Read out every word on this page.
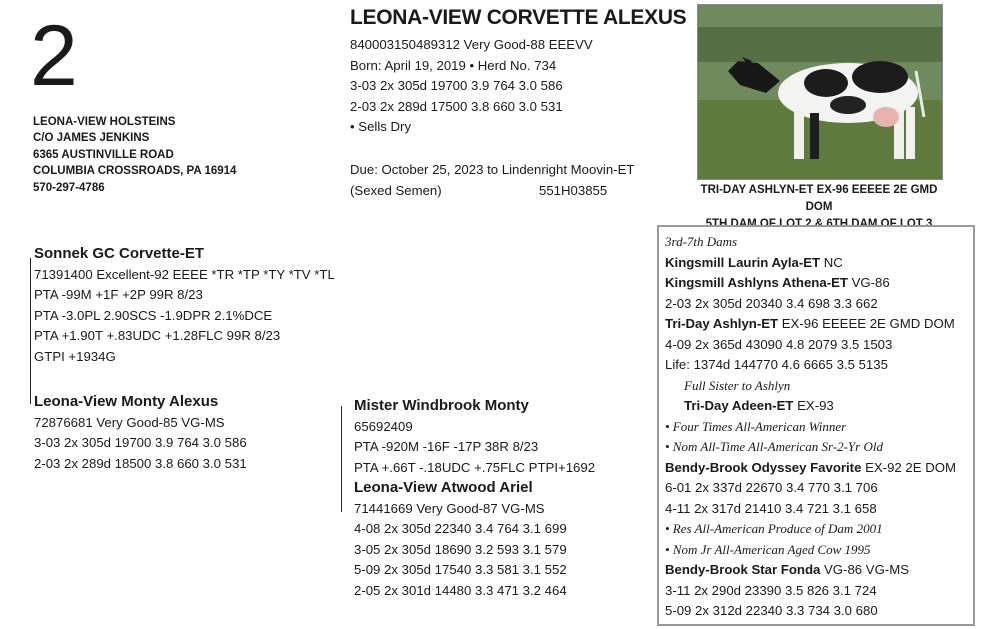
2
LEONA-VIEW HOLSTEINS
C/O JAMES JENKINS
6365 AUSTINVILLE ROAD
COLUMBIA CROSSROADS, PA 16914
570-297-4786
LEONA-VIEW CORVETTE ALEXUS
840003150489312 Very Good-88 EEEVV
Born: April 19, 2019 • Herd No. 734
3-03 2x 305d 19700 3.9 764 3.0 586
2-03 2x 289d 17500 3.8 660 3.0 531
• Sells Dry
Due: October 25, 2023 to Lindenright Moovin-ET
(Sexed Semen)	551H03855	TRI-DAY ASHLYN-ET EX-96 EEEEE 2E GMD DOM
5TH DAM OF LOT 2 & 6TH DAM OF LOT 3
Sonnek GC Corvette-ET
71391400 Excellent-92 EEEE *TR *TP *TY *TV *TL
PTA -99M +1F +2P 99R 8/23
PTA -3.0PL 2.90SCS -1.9DPR 2.1%DCE
PTA +1.90T +.83UDC +1.28FLC 99R 8/23
GTPI +1934G
Leona-View Monty Alexus
72876681 Very Good-85 VG-MS
3-03 2x 305d 19700 3.9 764 3.0 586
2-03 2x 289d 18500 3.8 660 3.0 531
Mister Windbrook Monty
65692409
PTA -920M -16F -17P 38R 8/23
PTA +.66T -.18UDC +.75FLC PTPI+1692
Leona-View Atwood Ariel
71441669 Very Good-87 VG-MS
4-08 2x 305d 22340 3.4 764 3.1 699
3-05 2x 305d 18690 3.2 593 3.1 579
5-09 2x 305d 17540 3.3 581 3.1 552
2-05 2x 301d 14480 3.3 471 3.2 464
3rd-7th Dams
Kingsmill Laurin Ayla-ET NC
Kingsmill Ashlyns Athena-ET VG-86
2-03 2x 305d 20340 3.4 698 3.3 662
Tri-Day Ashlyn-ET EX-96 EEEEE 2E GMD DOM
4-09 2x 365d 43090 4.8 2079 3.5 1503
Life: 1374d 144770 4.6 6665 3.5 5135
Full Sister to Ashlyn
Tri-Day Adeen-ET EX-93
• Four Times All-American Winner
• Nom All-Time All-American Sr-2-Yr Old
Bendy-Brook Odyssey Favorite EX-92 2E DOM
6-01 2x 337d 22670 3.4 770 3.1 706
4-11 2x 317d 21410 3.4 721 3.1 658
• Res All-American Produce of Dam 2001
• Nom Jr All-American Aged Cow 1995
Bendy-Brook Star Fonda VG-86 VG-MS
3-11 2x 290d 23390 3.5 826 3.1 724
5-09 2x 312d 22340 3.3 734 3.0 680
